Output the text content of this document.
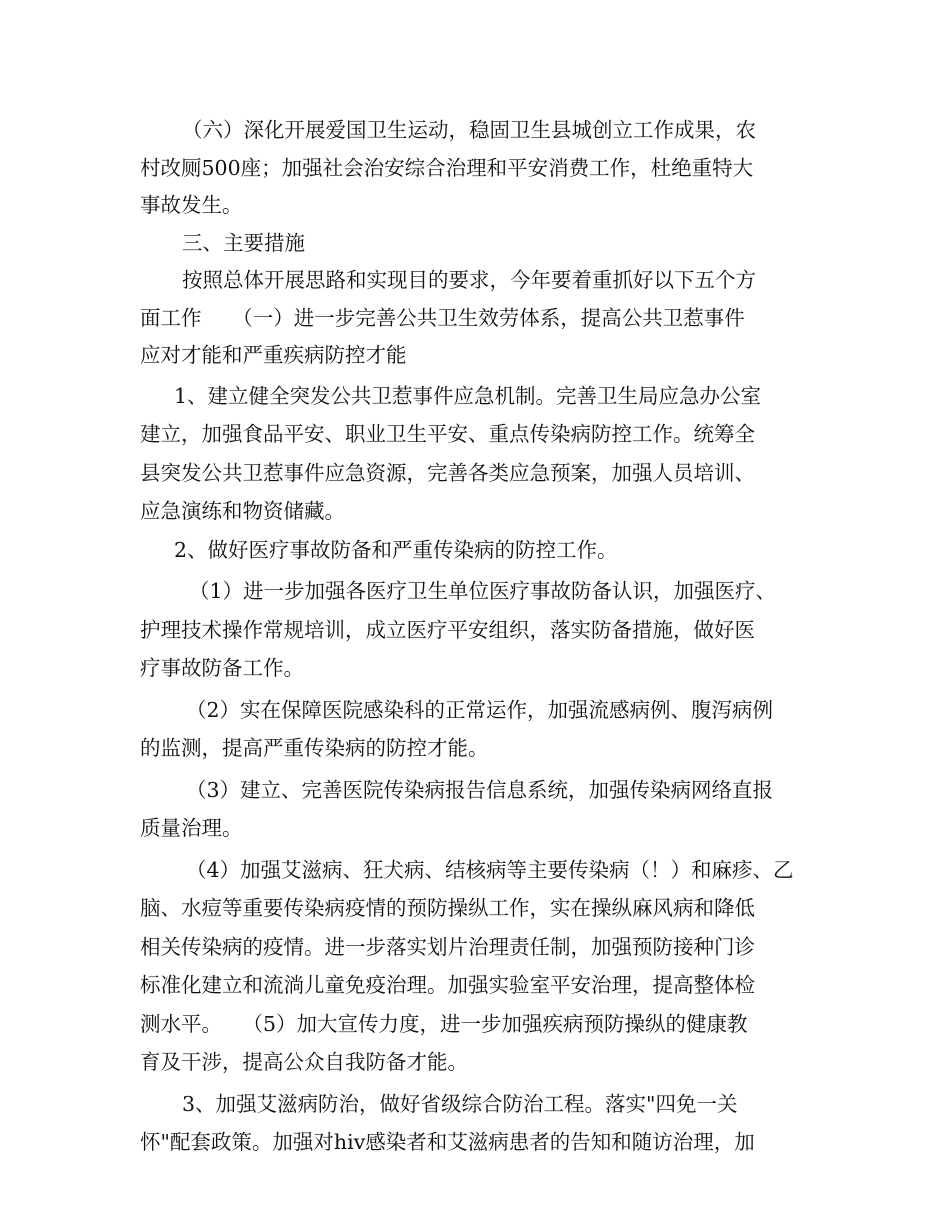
（六）深化开展爱国卫生运动，稳固卫生县城创立工作成果，农
村改厕500座；加强社会治安综合治理和平安消费工作，杜绝重特大
事故发生。
三、主要措施
按照总体开展思路和实现目的要求，今年要着重抓好以下五个方
面工作　　（一）进一步完善公共卫生效劳体系，提高公共卫惹事件
应对才能和严重疾病防控才能
1、建立健全突发公共卫惹事件应急机制。完善卫生局应急办公室
建立，加强食品平安、职业卫生平安、重点传染病防控工作。统筹全
县突发公共卫惹事件应急资源，完善各类应急预案，加强人员培训、
应急演练和物资储藏。
2、做好医疗事故防备和严重传染病的防控工作。
（1）进一步加强各医疗卫生单位医疗事故防备认识，加强医疗、
护理技术操作常规培训，成立医疗平安组织，落实防备措施，做好医
疗事故防备工作。
（2）实在保障医院感染科的正常运作，加强流感病例、腹泻病例
的监测，提高严重传染病的防控才能。
（3）建立、完善医院传染病报告信息系统，加强传染病网络直报
质量治理。
（4）加强艾滋病、狂犬病、结核病等主要传染病（！）和麻疹、乙
脑、水痘等重要传染病疫情的预防操纵工作，实在操纵麻风病和降低
相关传染病的疫情。进一步落实划片治理责任制，加强预防接种门诊
标准化建立和流淌儿童免疫治理。加强实验室平安治理，提高整体检
测水平。　　（5）加大宣传力度，进一步加强疾病预防操纵的健康教
育及干涉，提高公众自我防备才能。
3、加强艾滋病防治，做好省级综合防治工程。落实"四免一关
怀"配套政策。加强对hiv感染者和艾滋病患者的告知和随访治理，加
